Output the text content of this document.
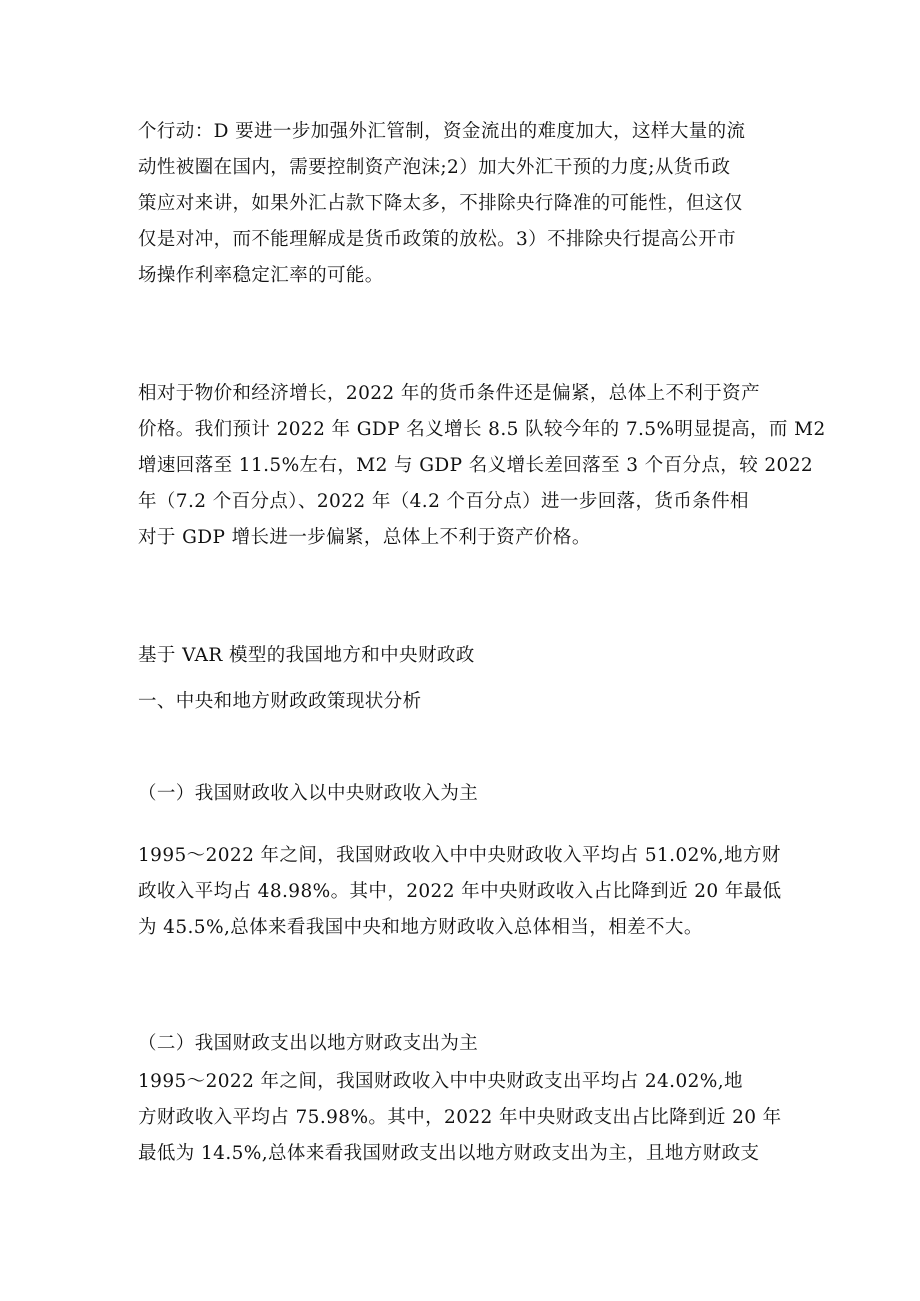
个行动：D 要进一步加强外汇管制，资金流出的难度加大，这样大量的流
动性被圈在国内，需要控制资产泡沫;2）加大外汇干预的力度;从货币政
策应对来讲，如果外汇占款下降太多，不排除央行降准的可能性，但这仅
仅是对冲，而不能理解成是货币政策的放松。3）不排除央行提高公开市
场操作利率稳定汇率的可能。
相对于物价和经济增长，2022 年的货币条件还是偏紧，总体上不利于资产
价格。我们预计 2022 年 GDP 名义增长 8.5 队较今年的 7.5%明显提高，而 M2
增速回落至 11.5%左右，M2 与 GDP 名义增长差回落至 3 个百分点，较 2022
年（7.2 个百分点）、2022 年（4.2 个百分点）进一步回落，货币条件相
对于 GDP 增长进一步偏紧，总体上不利于资产价格。
基于 VAR 模型的我国地方和中央财政政
一、中央和地方财政政策现状分析
（一）我国财政收入以中央财政收入为主
1995～2022 年之间，我国财政收入中中央财政收入平均占 51.02%,地方财
政收入平均占 48.98%。其中，2022 年中央财政收入占比降到近 20 年最低
为 45.5%,总体来看我国中央和地方财政收入总体相当，相差不大。
（二）我国财政支出以地方财政支出为主
1995～2022 年之间，我国财政收入中中央财政支出平均占 24.02%,地
方财政收入平均占 75.98%。其中，2022 年中央财政支出占比降到近 20 年
最低为 14.5%,总体来看我国财政支出以地方财政支出为主，且地方财政支
